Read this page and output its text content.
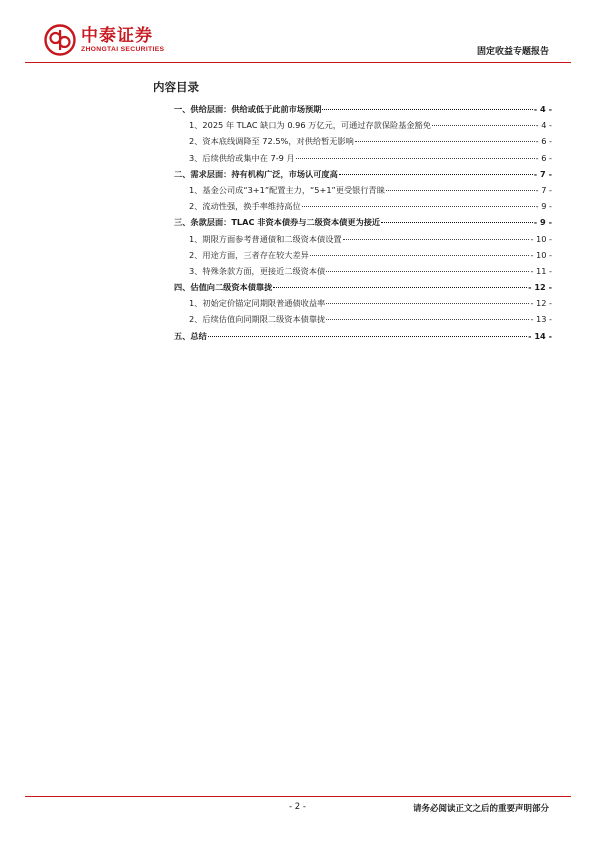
中泰证券
ZHONGTAI SECURITIES	固定收益专题报告
内容目录
一、供给层面：供给或低于此前市场预期	- 4 -
1、2025 年 TLAC 缺口为 0.96 万亿元，可通过存款保险基金豁免	- 4 -
2、资本底线调降至 72.5%，对供给暂无影响	- 6 -
3、后续供给或集中在 7-9 月	- 6 -
二、需求层面：持有机构广泛，市场认可度高	- 7 -
1、基金公司成“3+1”配置主力，“5+1”更受银行青睐	- 7 -
2、流动性强，换手率维持高位	- 9 -
三、条款层面：TLAC 非资本债券与二级资本债更为接近	- 9 -
1、期限方面参考普通债和二级资本债设置	- 10 -
2、用途方面，三者存在较大差异	- 10 -
3、特殊条款方面，更接近二级资本债	- 11 -
四、估值向二级资本债靠拢	- 12 -
1、初始定价锚定同期限普通债收益率	- 12 -
2、后续估值向同期限二级资本债靠拢	- 13 -
五、总结	- 14 -
- 2 -	请务必阅读正文之后的重要声明部分
